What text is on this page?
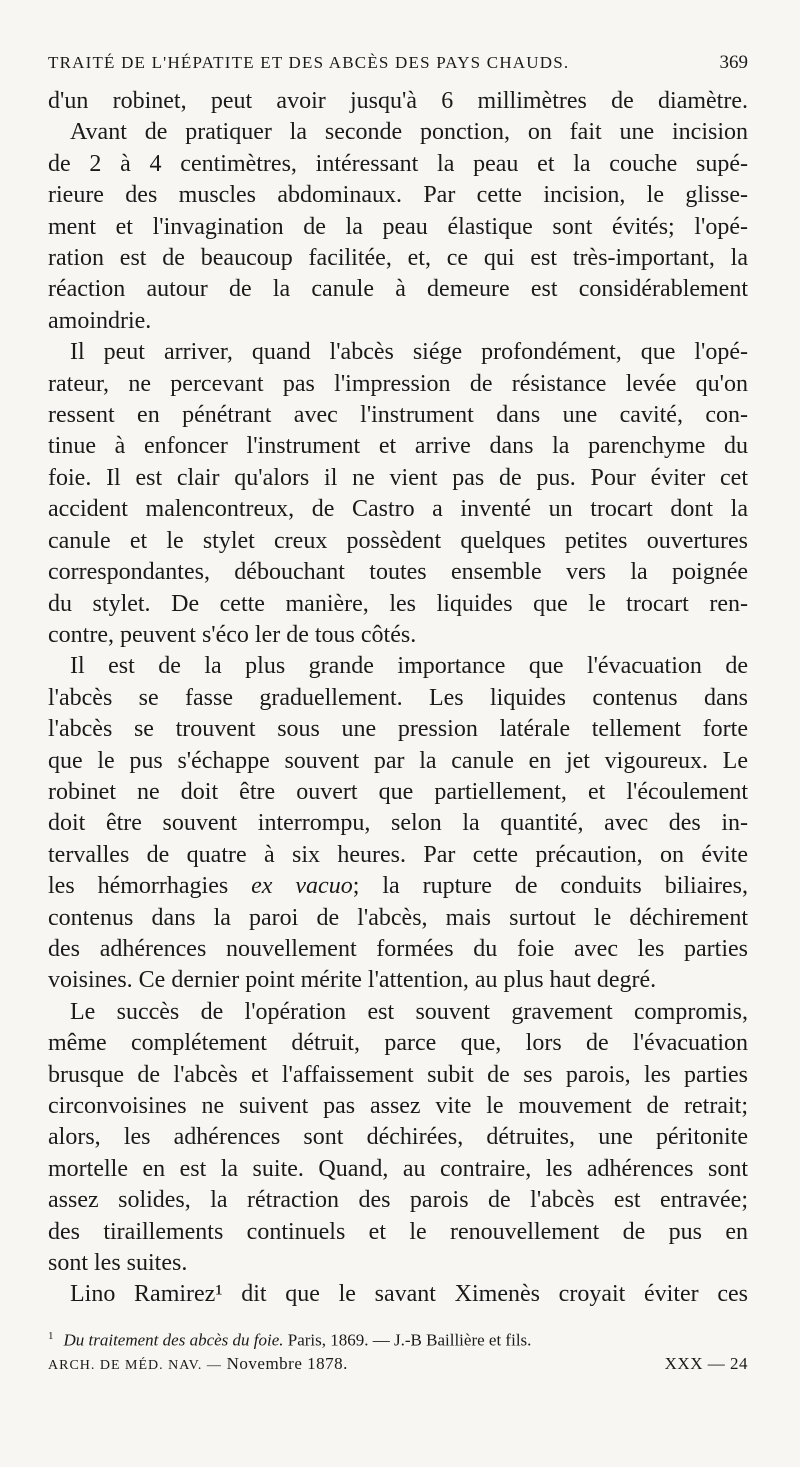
TRAITÉ DE L'HÉPATITE ET DES ABCÈS DES PAYS CHAUDS.	369

d'un robinet, peut avoir jusqu'à 6 millimètres de diamètre.

Avant de pratiquer la seconde ponction, on fait une incision
de 2 à 4 centimètres, intéressant la peau et la couche supé-
rieure des muscles abdominaux. Par cette incision, le glisse-
ment et l'invagination de la peau élastique sont évités; l'opé-
ration est de beaucoup facilitée, et, ce qui est très-important, la
réaction autour de la canule à demeure est considérablement
amoindrie.

Il peut arriver, quand l'abcès siége profondément, que l'opé-
rateur, ne percevant pas l'impression de résistance levée qu'on
ressent en pénétrant avec l'instrument dans une cavité, con-
tinue à enfoncer l'instrument et arrive dans la parenchyme du
foie. Il est clair qu'alors il ne vient pas de pus. Pour éviter cet
accident malencontreux, de Castro a inventé un trocart dont la
canule et le stylet creux possèdent quelques petites ouvertures
correspondantes, débouchant toutes ensemble vers la poignée
du stylet. De cette manière, les liquides que le trocart ren-
contre, peuvent s'éco ler de tous côtés.

Il est de la plus grande importance que l'évacuation de
l'abcès se fasse graduellement. Les liquides contenus dans
l'abcès se trouvent sous une pression latérale tellement forte
que le pus s'échappe souvent par la canule en jet vigoureux. Le
robinet ne doit être ouvert que partiellement, et l'écoulement
doit être souvent interrompu, selon la quantité, avec des in-
tervalles de quatre à six heures. Par cette précaution, on évite
les hémorrhagies ex vacuo; la rupture de conduits biliaires,
contenus dans la paroi de l'abcès, mais surtout le déchirement
des adhérences nouvellement formées du foie avec les parties
voisines. Ce dernier point mérite l'attention, au plus haut degré.

Le succès de l'opération est souvent gravement compromis,
même complétement détruit, parce que, lors de l'évacuation
brusque de l'abcès et l'affaissement subit de ses parois, les parties
circonvoisines ne suivent pas assez vite le mouvement de retrait;
alors, les adhérences sont déchirées, détruites, une péritonite
mortelle en est la suite. Quand, au contraire, les adhérences sont
assez solides, la rétraction des parois de l'abcès est entravée;
des tiraillements continuels et le renouvellement de pus en
sont les suites.

Lino Ramirez¹ dit que le savant Ximenès croyait éviter ces

$^1$ Du traitement des abcès du foie. Paris, 1869. — J.-B Baillière et fils.
ARCH. DE MÉD. NAV. — Novembre 1878.	XXX — 24
